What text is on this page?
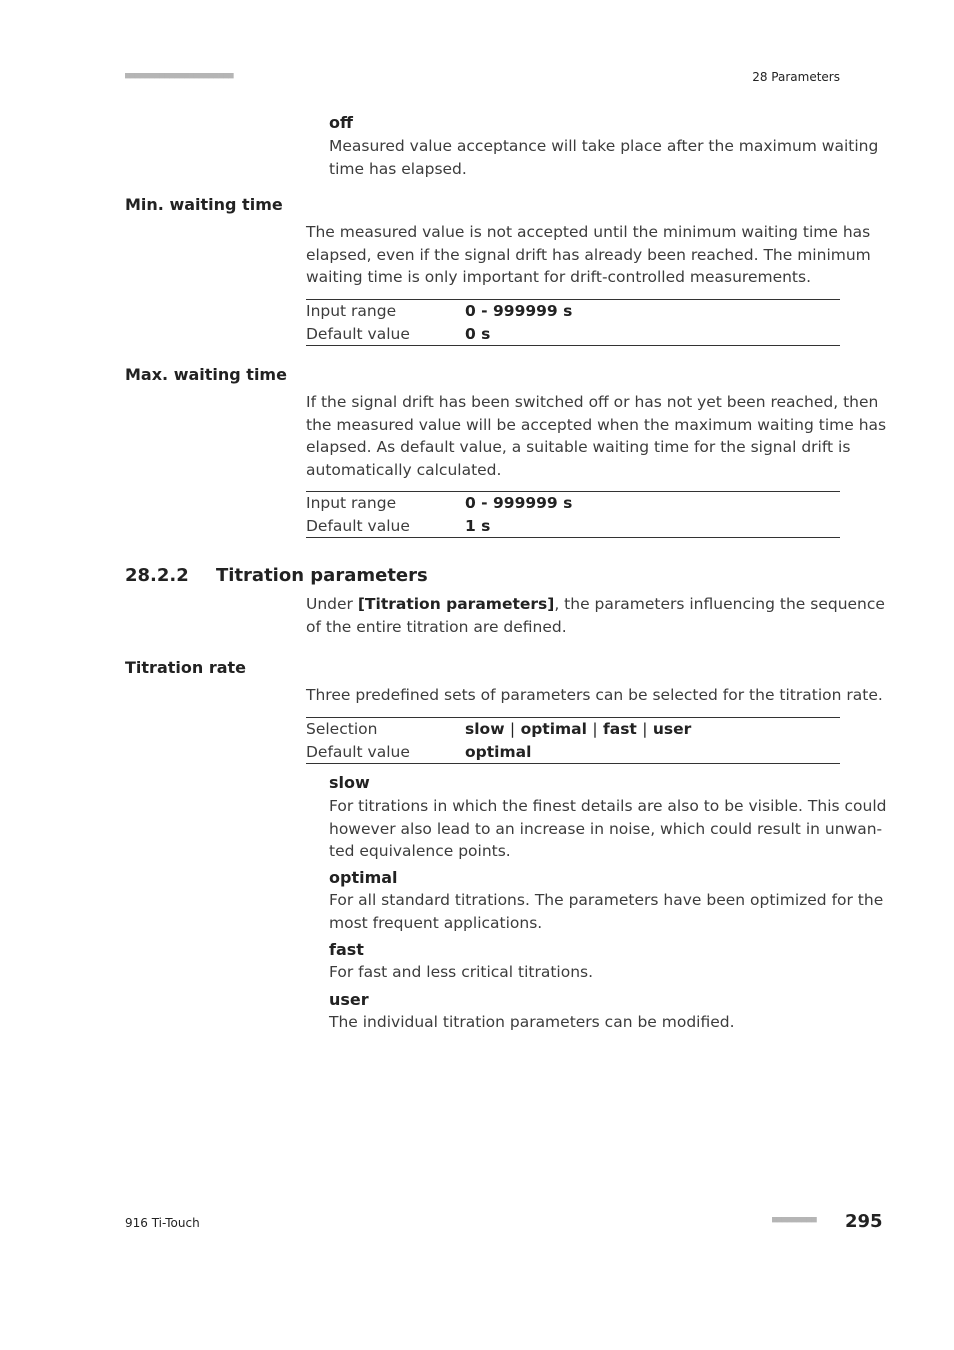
■■■■■■■■■■■■■■■■■■■■■■	28 Parameters
off
Measured value acceptance will take place after the maximum waiting
time has elapsed.
Min. waiting time
The measured value is not accepted until the minimum waiting time has
elapsed, even if the signal drift has already been reached. The minimum
waiting time is only important for drift-controlled measurements.
Input range	0 - 999999 s
Default value	0 s
Max. waiting time
If the signal drift has been switched off or has not yet been reached, then
the measured value will be accepted when the maximum waiting time has
elapsed. As default value, a suitable waiting time for the signal drift is
automatically calculated.
Input range	0 - 999999 s
Default value	1 s
28.2.2 Titration parameters
Under [Titration parameters], the parameters influencing the sequence
of the entire titration are defined.
Titration rate
Three predefined sets of parameters can be selected for the titration rate.
Selection	slow | optimal | fast | user
Default value	optimal
slow
For titrations in which the finest details are also to be visible. This could
however also lead to an increase in noise, which could result in unwan-
ted equivalence points.
optimal
For all standard titrations. The parameters have been optimized for the
most frequent applications.
fast
For fast and less critical titrations.
user
The individual titration parameters can be modified.
916 Ti-Touch	■■■■■■■■■ 295
